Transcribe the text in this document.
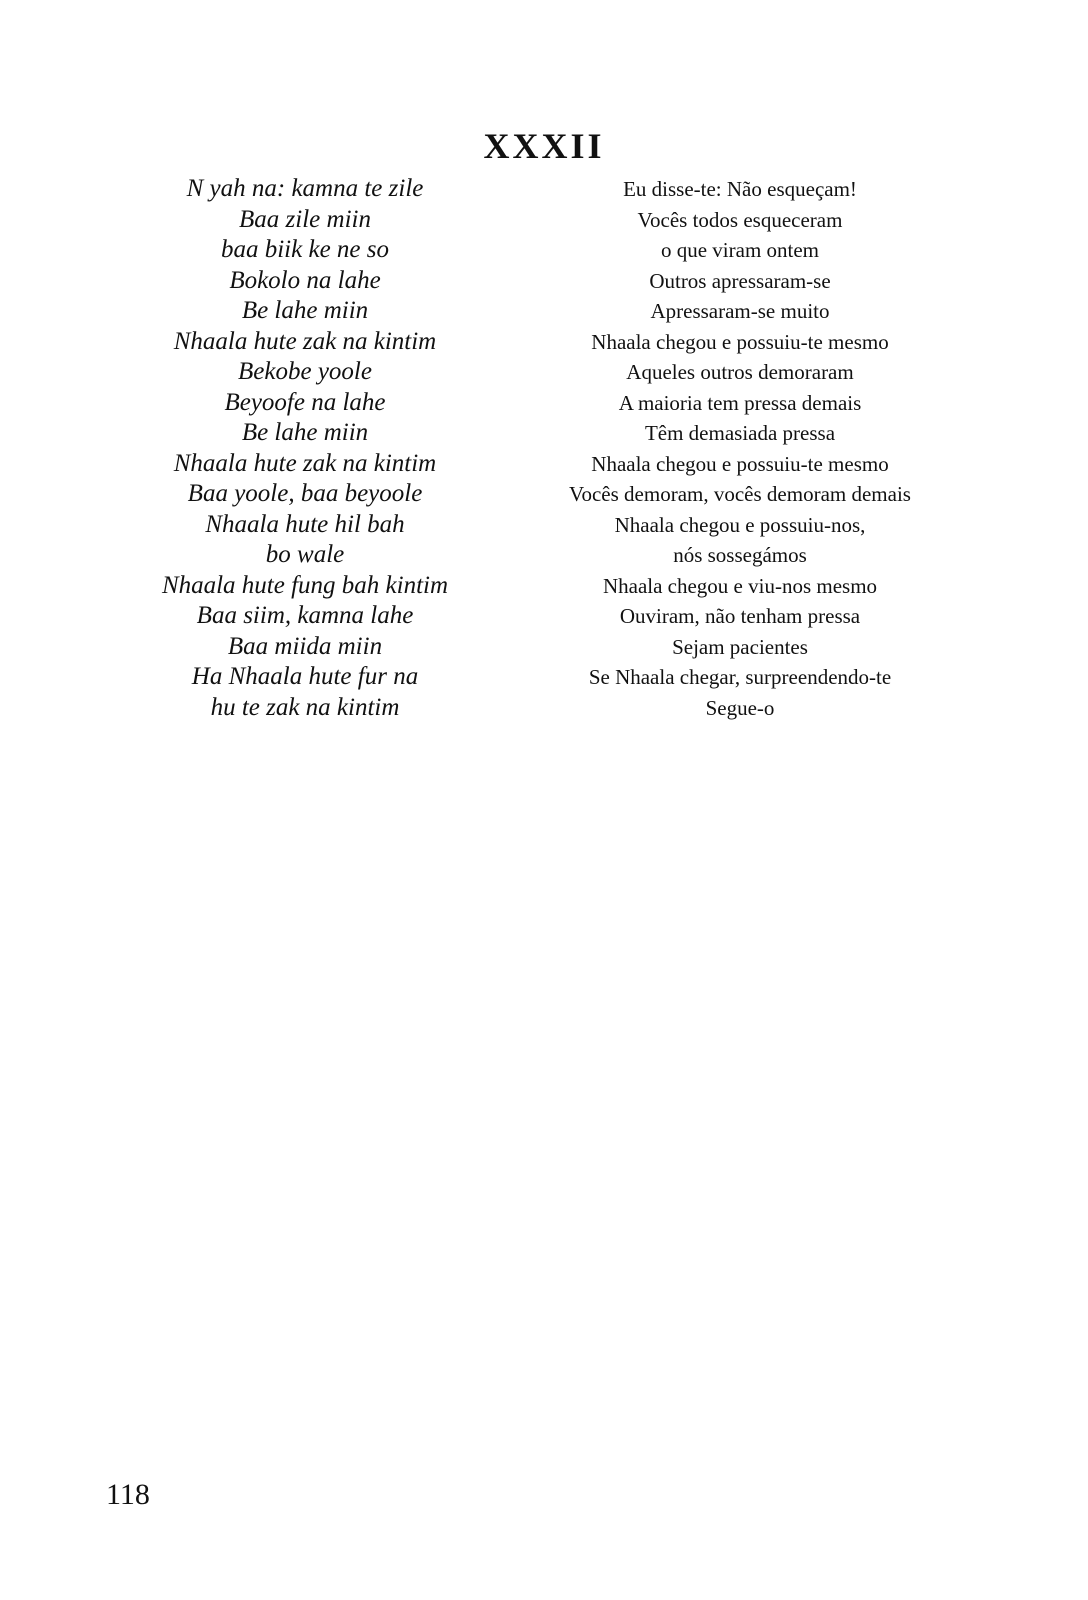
XXXII
N yah na: kamna te zile
Baa zile miin
baa biik ke ne so
Bokolo na lahe
Be lahe miin
Nhaala hute zak na kintim
Bekobe yoole
Beyoofe na lahe
Be lahe miin
Nhaala hute zak na kintim
Baa yoole, baa beyoole
Nhaala hute hil bah
bo wale
Nhaala hute fung bah kintim
Baa siim, kamna lahe
Baa miida miin
Ha Nhaala hute fur na
hu te zak na kintim
Eu disse-te: Não esqueçam!
Vocês todos esqueceram
o que viram ontem
Outros apressaram-se
Apressaram-se muito
Nhaala chegou e possuiu-te mesmo
Aqueles outros demoraram
A maioria tem pressa demais
Têm demasiada pressa
Nhaala chegou e possuiu-te mesmo
Vocês demoram, vocês demoram demais
Nhaala chegou e possuiu-nos,
nós sossegámos
Nhaala chegou e viu-nos mesmo
Ouviram, não tenham pressa
Sejam pacientes
Se Nhaala chegar, surpreendendo-te
Segue-o
118
